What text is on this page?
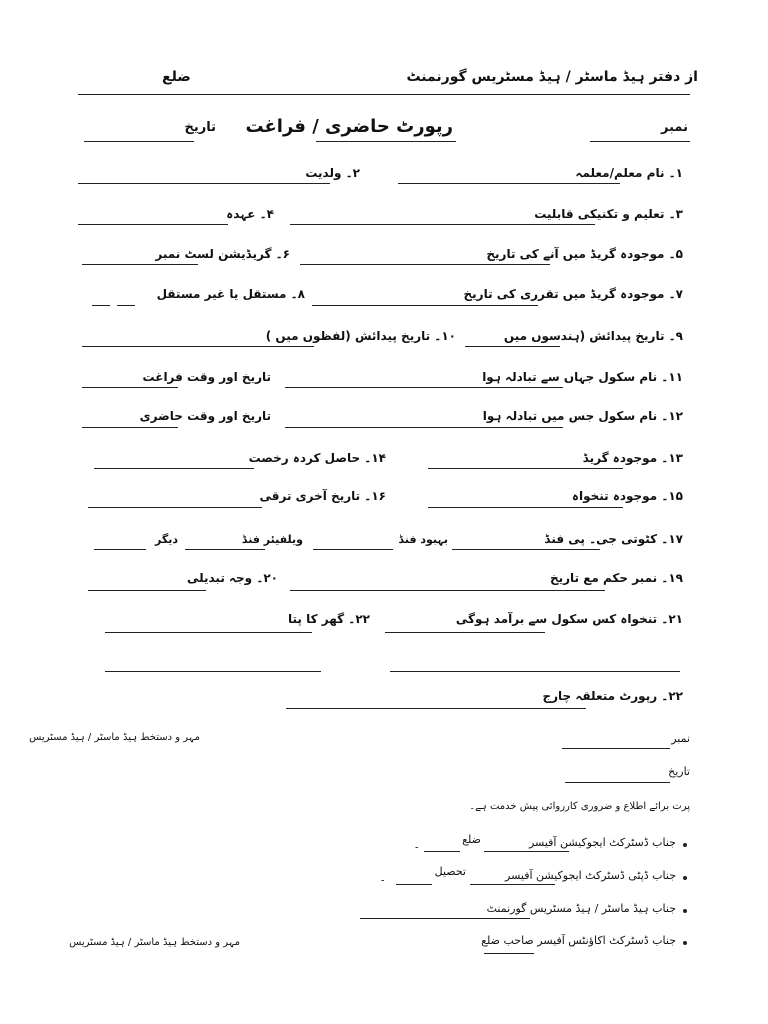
از دفتر ہیڈ ماسٹر / ہیڈ مسٹریس گورنمنٹ
ضلع
نمبر
رپورٹ حاضری / فراغت
تاریخ
۱۔ نام معلم/معلمہ
۲۔ ولدیت
۳۔ تعلیم و تکنیکی قابلیت
۴۔ عہدہ
۵۔ موجودہ گریڈ میں آنے کی تاریخ
۶۔ گریڈیشن لسٹ نمبر
۷۔ موجودہ گریڈ میں تقرری کی تاریخ
۸۔ مستقل یا غیر مستقل
۹۔ تاریخ پیدائش (ہندسوں میں
۱۰۔ تاریخ پیدائش (لفظوں میں )
۱۱۔ نام سکول جہاں سے تبادلہ ہوا
تاریخ اور وقت فراغت
۱۲۔ نام سکول جس میں تبادلہ ہوا
تاریخ اور وقت حاضری
۱۳۔ موجودہ گریڈ
۱۴۔ حاصل کردہ رخصت
۱۵۔ موجودہ تنخواہ
۱۶۔ تاریخ آخری ترقی
۱۷۔ کٹوتی جی۔ پی فنڈ
بہبود فنڈ
ویلفیئر فنڈ
دیگر
۱۹۔ نمبر حکم مع تاریخ
۲۰۔ وجہ تبدیلی
۲۱۔ تنخواہ کس سکول سے برآمد ہوگی
۲۲۔ گھر کا پتا
۲۲۔ رپورٹ متعلقہ چارج
مہر و دستخط ہیڈ ماسٹر / ہیڈ مسٹریس	نمبر
تاریخ
پرت برائے اطلاع و ضروری کارروائی پیش خدمت ہے۔
جناب ڈسٹرکٹ ایجوکیشن آفیسر
ضلع
۔
جناب ڈپٹی ڈسٹرکٹ ایجوکیشن آفیسر
تحصیل
۔
جناب ہیڈ ماسٹر / ہیڈ مسٹریس گورنمنٹ
جناب ڈسٹرکٹ اکاؤنٹس آفیسر صاحب ضلع
مہر و دستخط ہیڈ ماسٹر / ہیڈ مسٹریس
